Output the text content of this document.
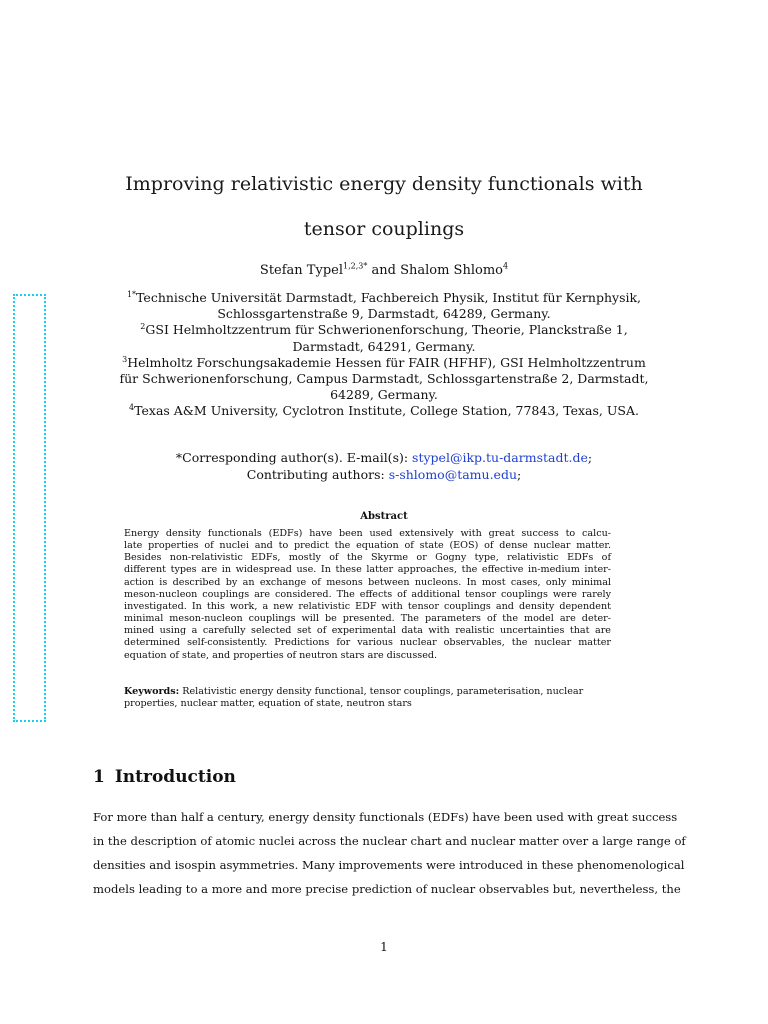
Improving relativistic energy density functionals with
tensor couplings
Stefan Typel$^{1,2,3*}$ and Shalom Shlomo$^4$
$^{1*}$Technische Universität Darmstadt, Fachbereich Physik, Institut für Kernphysik,
Schlossgartenstraße 9, Darmstadt, 64289, Germany.
$^2$GSI Helmholtzzentrum für Schwerionenforschung, Theorie, Planckstraße 1,
Darmstadt, 64291, Germany.
$^3$Helmholtz Forschungsakademie Hessen für FAIR (HFHF), GSI Helmholtzzentrum
für Schwerionenforschung, Campus Darmstadt, Schlossgartenstraße 2, Darmstadt,
64289, Germany.
$^4$Texas A&M University, Cyclotron Institute, College Station, 77843, Texas, USA.
*Corresponding author(s). E-mail(s): stypel@ikp.tu-darmstadt.de;
Contributing authors: s-shlomo@tamu.edu;
Abstract
Energy density functionals (EDFs) have been used extensively with great success to calcu-
late properties of nuclei and to predict the equation of state (EOS) of dense nuclear matter.
Besides non-relativistic EDFs, mostly of the Skyrme or Gogny type, relativistic EDFs of
different types are in widespread use. In these latter approaches, the effective in-medium inter-
action is described by an exchange of mesons between nucleons. In most cases, only minimal
meson-nucleon couplings are considered. The effects of additional tensor couplings were rarely
investigated. In this work, a new relativistic EDF with tensor couplings and density dependent
minimal meson-nucleon couplings will be presented. The parameters of the model are deter-
mined using a carefully selected set of experimental data with realistic uncertainties that are
determined self-consistently. Predictions for various nuclear observables, the nuclear matter
equation of state, and properties of neutron stars are discussed.
Keywords: Relativistic energy density functional, tensor couplings, parameterisation, nuclear properties, nuclear matter, equation of state, neutron stars
1 Introduction
For more than half a century, energy density functionals (EDFs) have been used with great success
in the description of atomic nuclei across the nuclear chart and nuclear matter over a large range of
densities and isospin asymmetries. Many improvements were introduced in these phenomenological
models leading to a more and more precise prediction of nuclear observables but, nevertheless, the
1
